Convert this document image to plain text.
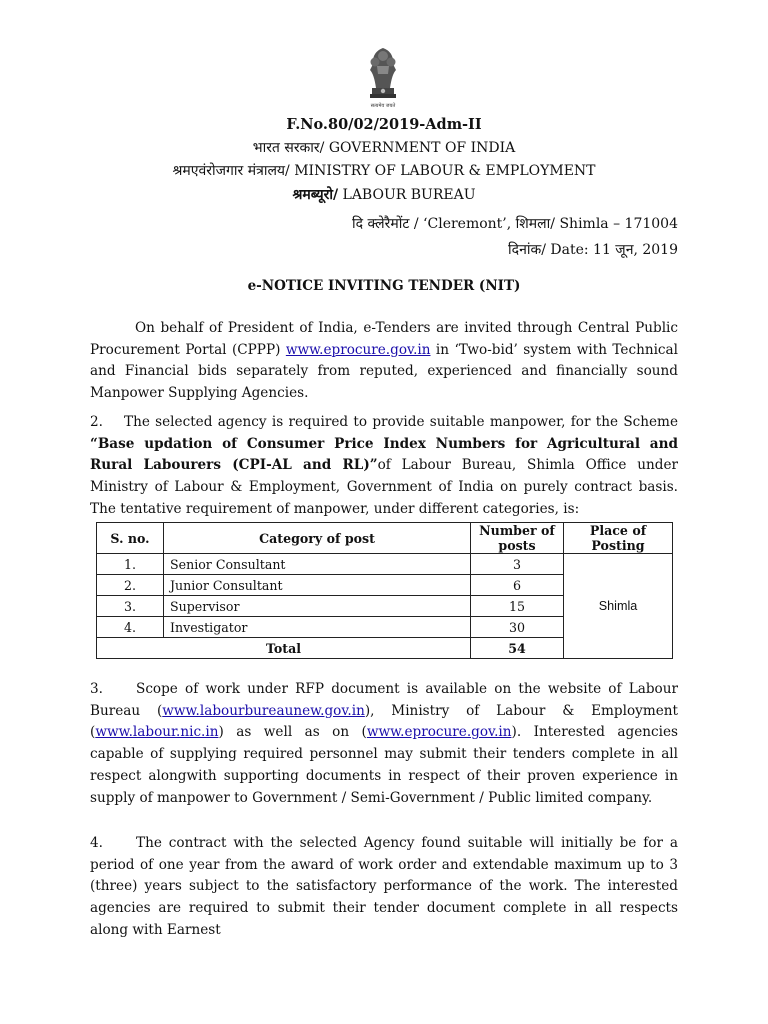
सत्यमेव जयते
F.No.80/02/2019-Adm-II
भारत सरकार/ GOVERNMENT OF INDIA
श्रमएवंरोजगार मंत्रालय/ MINISTRY OF LABOUR & EMPLOYMENT
श्रमब्यूरो/ LABOUR BUREAU
दि क्लेरैमोंट / ‘Cleremont’, शिमला/ Shimla – 171004
दिनांक/ Date: 11 जून, 2019
e-NOTICE INVITING TENDER (NIT)

On behalf of President of India, e-Tenders are invited through Central Public Procurement Portal (CPPP) www.eprocure.gov.in in ‘Two-bid’ system with Technical and Financial bids separately from reputed, experienced and financially sound Manpower Supplying Agencies.

2. The selected agency is required to provide suitable manpower, for the Scheme “Base updation of Consumer Price Index Numbers for Agricultural and Rural Labourers (CPI-AL and RL)”of Labour Bureau, Shimla Office under Ministry of Labour & Employment, Government of India on purely contract basis. The tentative requirement of manpower, under different categories, is:

S. no.	Category of post	Number of posts	Place of Posting
1.	Senior Consultant	3	Shimla
2.	Junior Consultant	6	
3.	Supervisor	15	
4.	Investigator	30	
Total		54	

3. Scope of work under RFP document is available on the website of Labour Bureau (www.labourbureaunew.gov.in), Ministry of Labour & Employment (www.labour.nic.in) as well as on (www.eprocure.gov.in). Interested agencies capable of supplying required personnel may submit their tenders complete in all respect alongwith supporting documents in respect of their proven experience in supply of manpower to Government / Semi-Government / Public limited company.

4. The contract with the selected Agency found suitable will initially be for a period of one year from the award of work order and extendable maximum up to 3 (three) years subject to the satisfactory performance of the work. The interested agencies are required to submit their tender document complete in all respects along with Earnest
